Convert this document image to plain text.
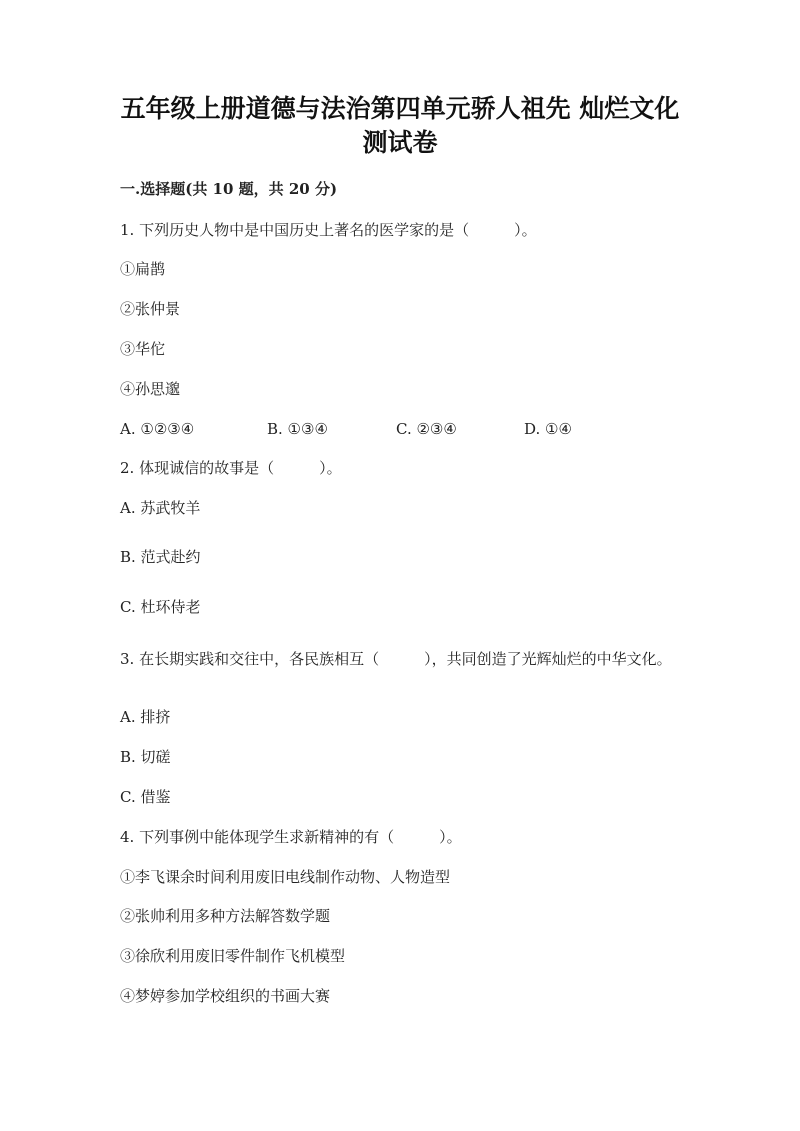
五年级上册道德与法治第四单元骄人祖先 灿烂文化
测试卷
一.选择题(共 10 题，共 20 分)
1. 下列历史人物中是中国历史上著名的医学家的是（　　　）。
①扁鹊
②张仲景
③华佗
④孙思邈
A. ①②③④	B. ①③④	C. ②③④	D. ①④
2. 体现诚信的故事是（　　　）。
A. 苏武牧羊
B. 范式赴约
C. 杜环侍老
3. 在长期实践和交往中，各民族相互（　　　），共同创造了光辉灿烂的中华文化。
A. 排挤
B. 切磋
C. 借鉴
4. 下列事例中能体现学生求新精神的有（　　　）。
①李飞课余时间利用废旧电线制作动物、人物造型
②张帅利用多种方法解答数学题
③徐欣利用废旧零件制作飞机模型
④梦婷参加学校组织的书画大赛
